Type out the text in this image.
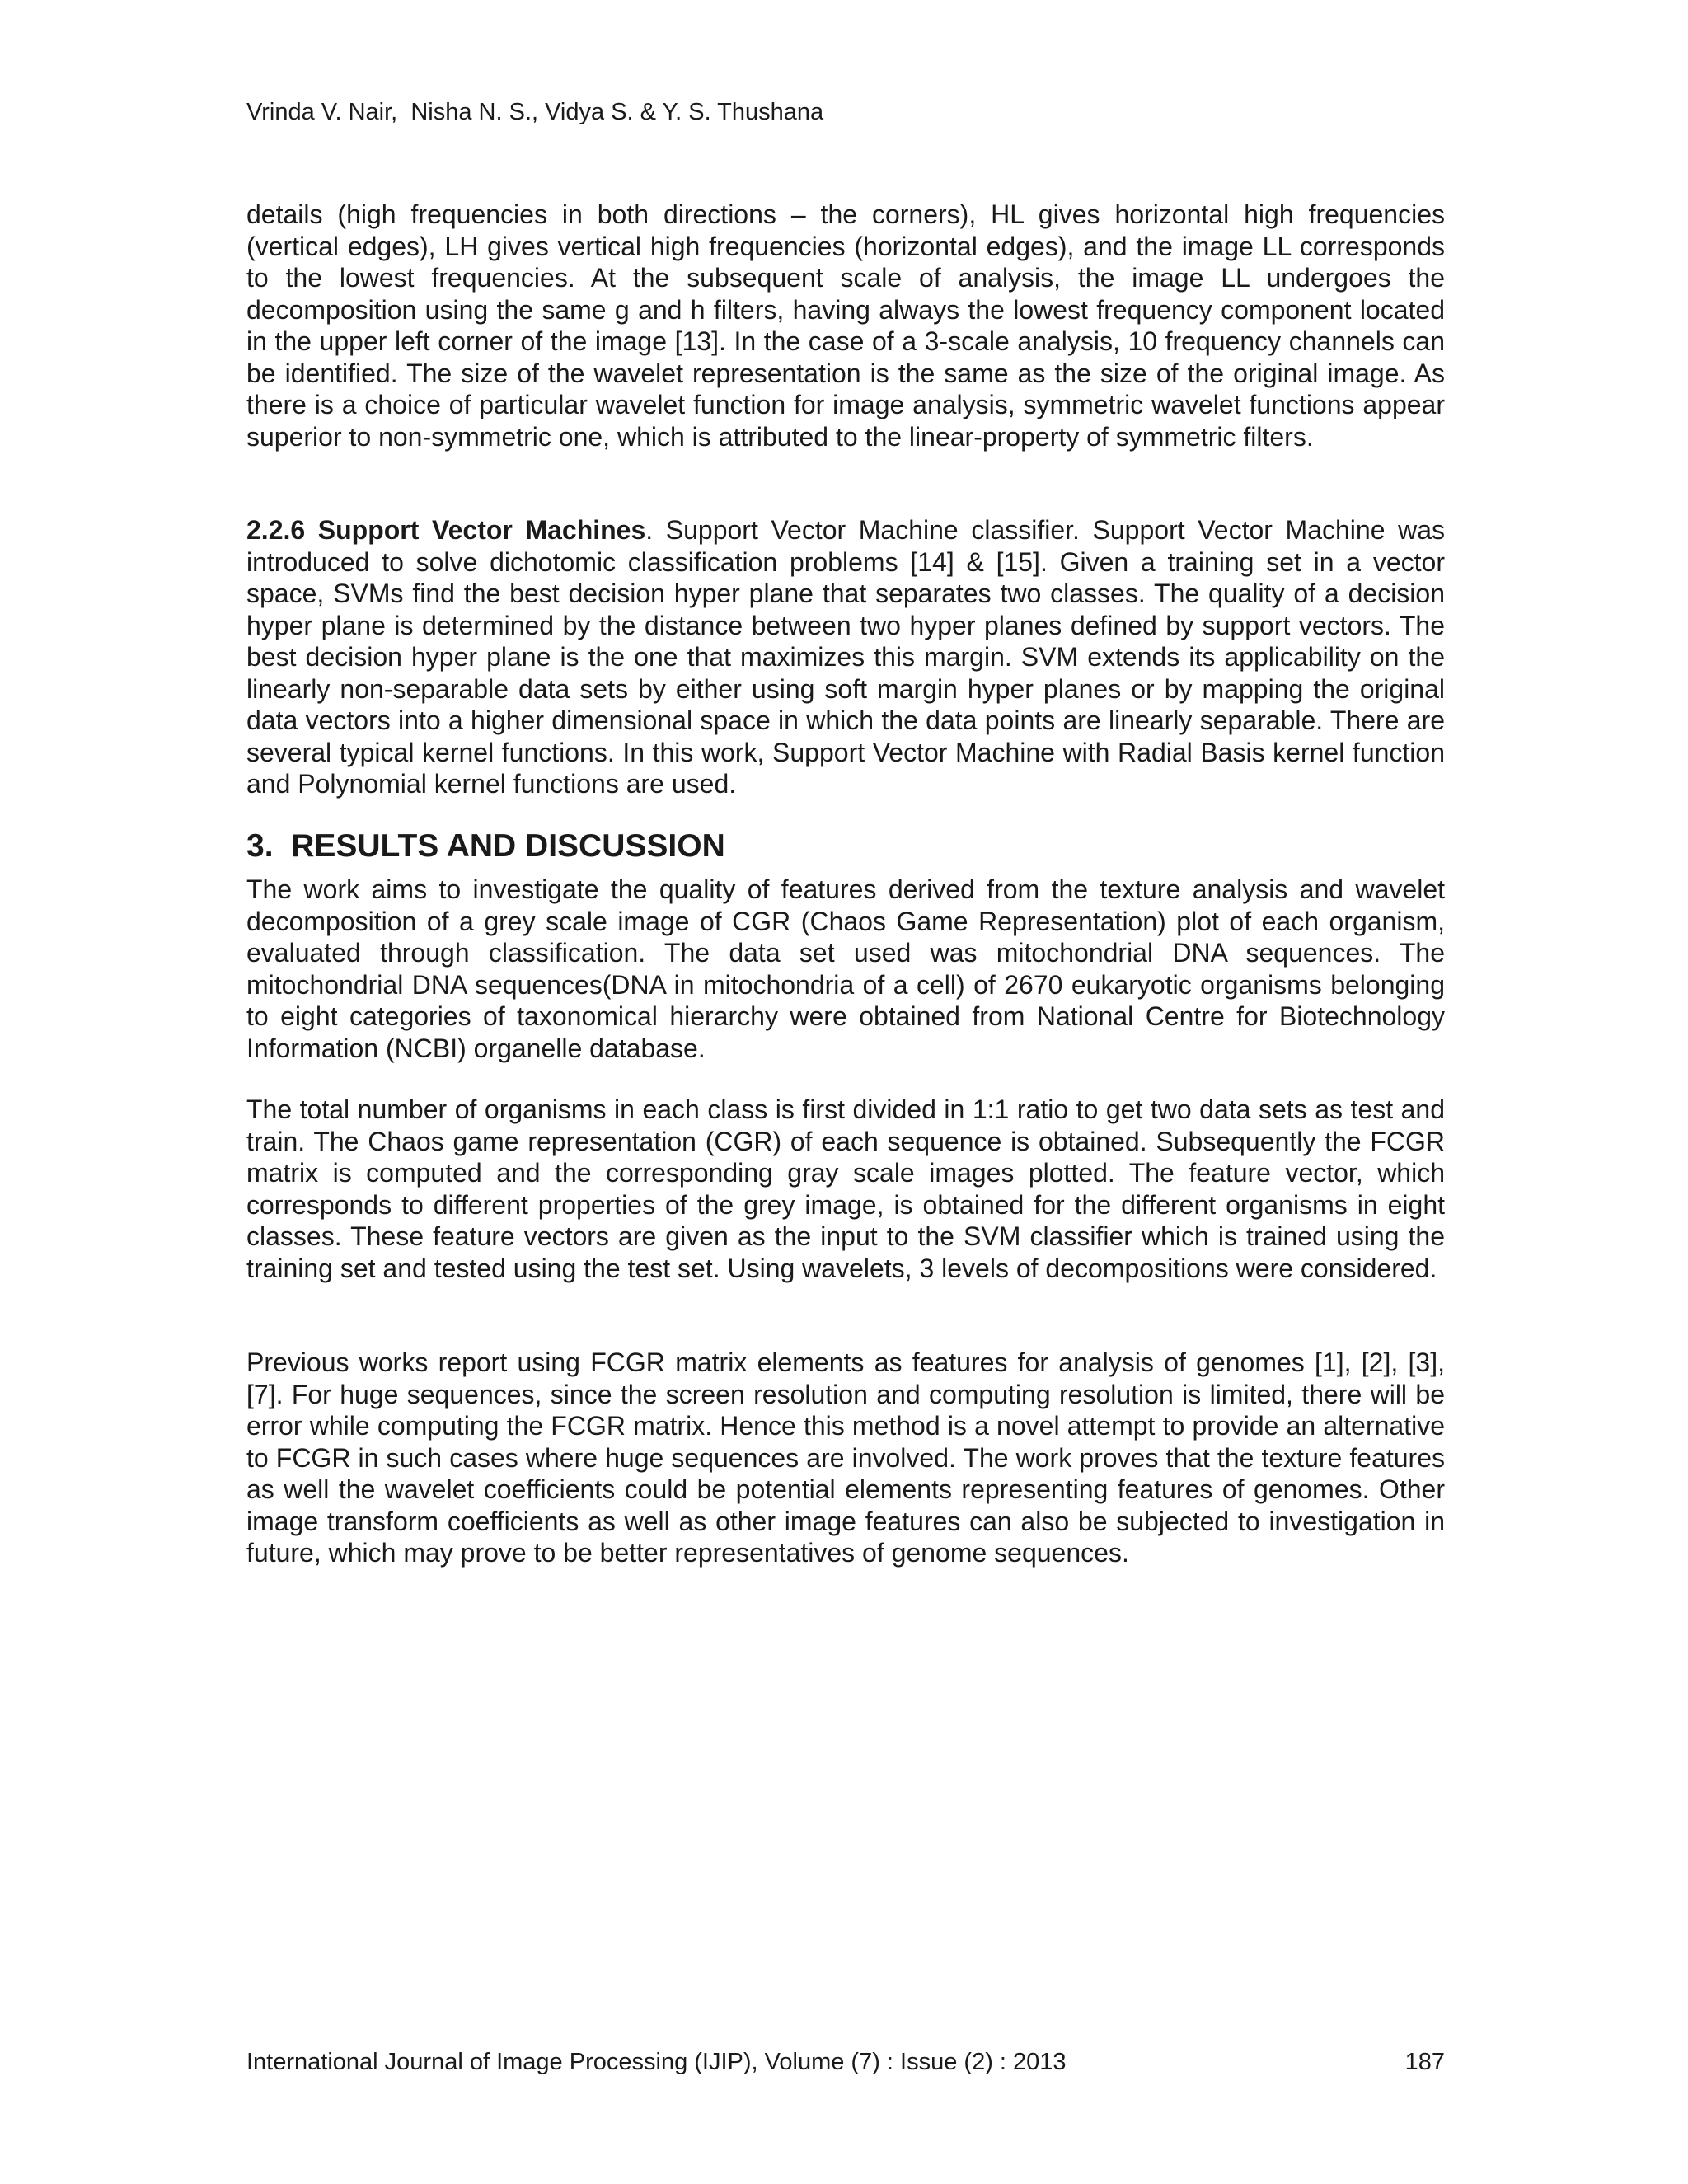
Vrinda V. Nair,  Nisha N. S., Vidya S. & Y. S. Thushana

details (high frequencies in both directions – the corners), HL gives horizontal high frequencies (vertical edges), LH gives vertical high frequencies (horizontal edges), and the image LL corresponds to the lowest frequencies. At the subsequent scale of analysis, the image LL undergoes the decomposition using the same g and h filters, having always the lowest frequency component located in the upper left corner of the image [13]. In the case of a 3-scale analysis, 10 frequency channels can be identified. The size of the wavelet representation is the same as the size of the original image. As there is a choice of particular wavelet function for image analysis, symmetric wavelet functions appear superior to non-symmetric one, which is attributed to the linear-property of symmetric filters.

2.2.6 Support Vector Machines. Support Vector Machine classifier. Support Vector Machine was introduced to solve dichotomic classification problems [14] & [15]. Given a training set in a vector space, SVMs find the best decision hyper plane that separates two classes. The quality of a decision hyper plane is determined by the distance between two hyper planes defined by support vectors. The best decision hyper plane is the one that maximizes this margin. SVM extends its applicability on the linearly non-separable data sets by either using soft margin hyper planes or by mapping the original data vectors into a higher dimensional space in which the data points are linearly separable. There are several typical kernel functions. In this work, Support Vector Machine with Radial Basis kernel function and Polynomial kernel functions are used.

3.  RESULTS AND DISCUSSION

The work aims to investigate the quality of features derived from the texture analysis and wavelet decomposition of a grey scale image of CGR (Chaos Game Representation) plot of each organism, evaluated through classification. The data set used was mitochondrial DNA sequences. The mitochondrial DNA sequences(DNA in mitochondria of a cell) of 2670 eukaryotic organisms belonging to eight categories of taxonomical hierarchy were obtained from National Centre for Biotechnology Information (NCBI) organelle database.

The total number of organisms in each class is first divided in 1:1 ratio to get two data sets as test and train. The Chaos game representation (CGR) of each sequence is obtained. Subsequently the FCGR matrix is computed and the corresponding gray scale images plotted. The feature vector, which corresponds to different properties of the grey image, is obtained for the different organisms in eight classes. These feature vectors are given as the input to the SVM classifier which is trained using the training set and tested using the test set. Using wavelets, 3 levels of decompositions were considered.

Previous works report using FCGR matrix elements as features for analysis of genomes [1], [2], [3], [7]. For huge sequences, since the screen resolution and computing resolution is limited, there will be error while computing the FCGR matrix. Hence this method is a novel attempt to provide an alternative to FCGR in such cases where huge sequences are involved. The work proves that the texture features as well the wavelet coefficients could be potential elements representing features of genomes. Other image transform coefficients as well as other image features can also be subjected to investigation in future, which may prove to be better representatives of genome sequences.

International Journal of Image Processing (IJIP), Volume (7) : Issue (2) : 2013	187
